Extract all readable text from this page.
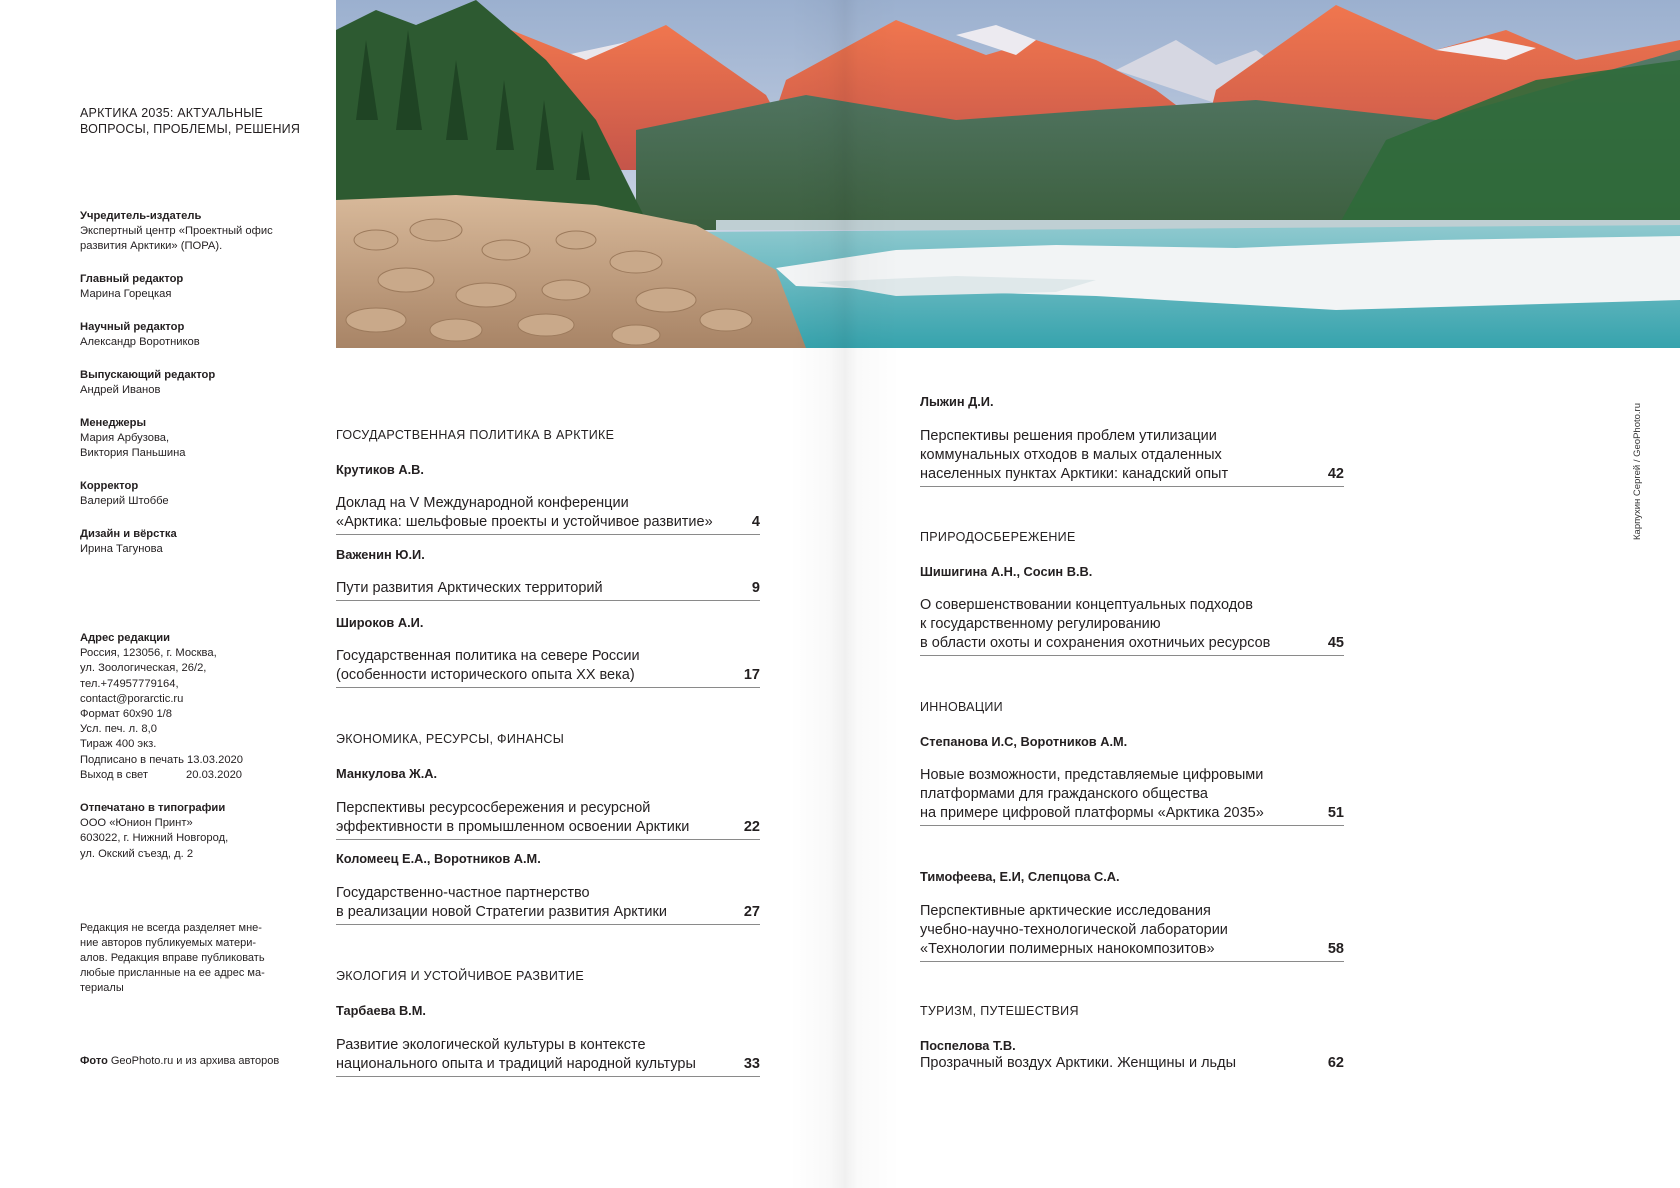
АРКТИКА 2035: АКТУАЛЬНЫЕ
ВОПРОСЫ, ПРОБЛЕМЫ, РЕШЕНИЯ
Учредитель-издатель
Экспертный центр «Проектный офис
развития Арктики» (ПОРА).
Главный редактор
Марина Горецкая
Научный редактор
Александр Воротников
Выпускающий редактор
Андрей Иванов
Менеджеры
Мария Арбузова,
Виктория Паньшина
Корректор
Валерий Штоббе
Дизайн и вёрстка
Ирина Тагунова
Адрес редакции
Россия, 123056, г. Москва,
ул. Зоологическая, 26/2,
тел.+74957779164,
contact@porarctic.ru
Формат 60x90 1/8
Усл. печ. л. 8,0
Тираж 400 экз.
Подписано в печать 13.03.2020
Выход в свет	20.03.2020
Отпечатано в типографии
ООО «Юнион Принт»
603022, г. Нижний Новгород,
ул. Окский съезд, д. 2
Редакция не всегда разделяет мне-
ние авторов публикуемых матери-
алов. Редакция вправе публиковать
любые присланные на ее адрес ма-
териалы
Фото GeoPhoto.ru и из архива авторов
ГОСУДАРСТВЕННАЯ ПОЛИТИКА В АРКТИКЕ
Крутиков А.В.
Доклад на V Международной конференции
«Арктика: шельфовые проекты и устойчивое развитие»	4
Важенин Ю.И.
Пути развития Арктических территорий	9
Широков А.И.
Государственная политика на севере России
(особенности исторического опыта XX века)	17
ЭКОНОМИКА, РЕСУРСЫ, ФИНАНСЫ
Манкулова Ж.А.
Перспективы ресурсосбережения и ресурсной
эффективности в промышленном освоении Арктики	22
Коломеец Е.А., Воротников А.М.
Государственно-частное партнерство
в реализации новой Стратегии развития Арктики	27
ЭКОЛОГИЯ И УСТОЙЧИВОЕ РАЗВИТИЕ
Тарбаева В.М.
Развитие экологической культуры в контексте
национального опыта и традиций народной культуры	33
Лыжин Д.И.
Перспективы решения проблем утилизации
коммунальных отходов в малых отдаленных
населенных пунктах Арктики: канадский опыт	42
ПРИРОДОСБЕРЕЖЕНИЕ
Шишигина А.Н., Сосин В.В.
О совершенствовании концептуальных подходов
к государственному регулированию
в области охоты и сохранения охотничьих ресурсов	45
ИННОВАЦИИ
Степанова И.С, Воротников А.М.
Новые возможности, представляемые цифровыми
платформами для гражданского общества
на примере цифровой платформы «Арктика 2035»	51
Тимофеева, Е.И, Слепцова С.А.
Перспективные арктические исследования
учебно-научно-технологической лаборатории
«Технологии полимерных нанокомпозитов»	58
ТУРИЗМ, ПУТЕШЕСТВИЯ
Поспелова Т.В.
Прозрачный воздух Арктики. Женщины и льды	62
Карпухин Сергей / GeoPhoto.ru
